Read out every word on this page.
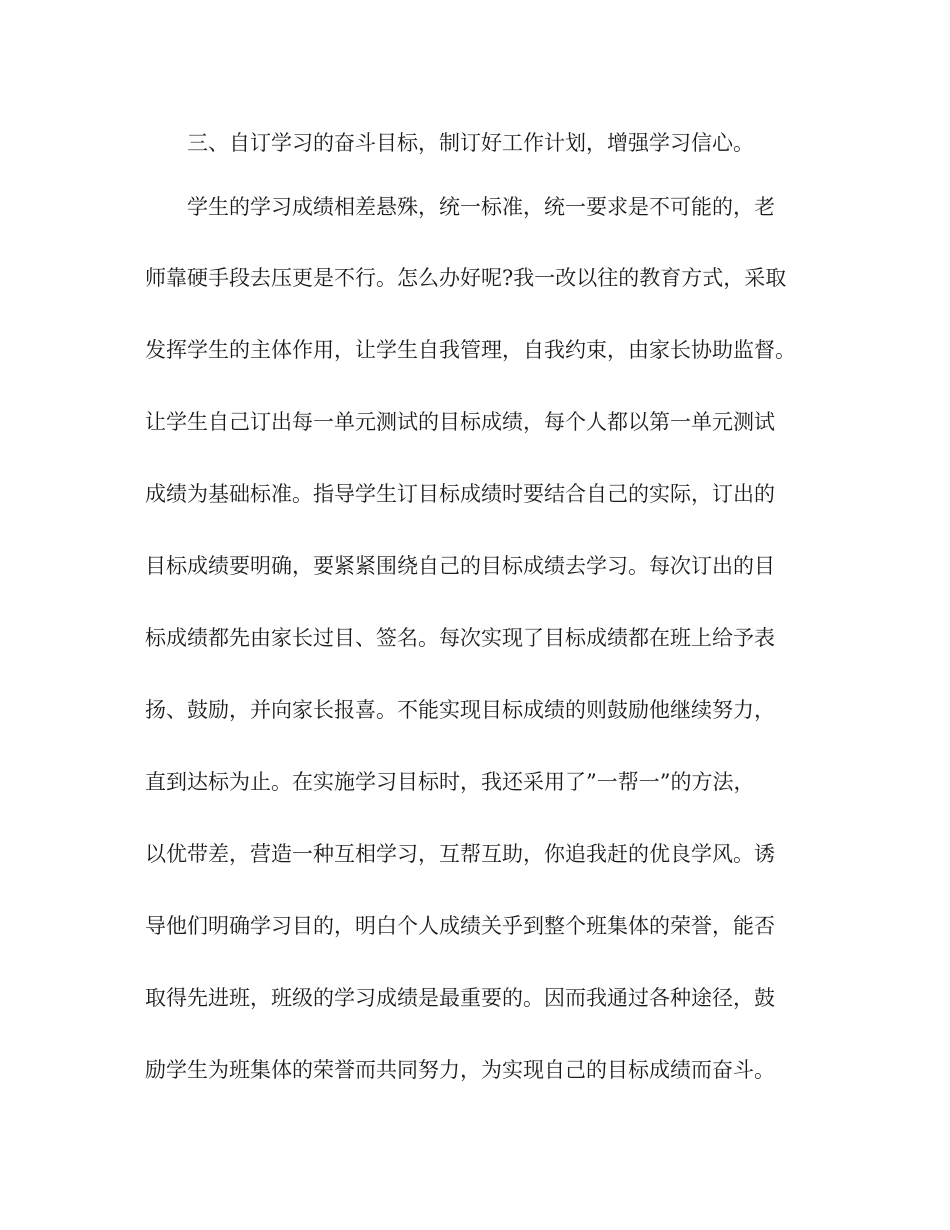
三、自订学习的奋斗目标，制订好工作计划，增强学习信心。
学生的学习成绩相差悬殊，统一标准，统一要求是不可能的，老
师靠硬手段去压更是不行。怎么办好呢?我一改以往的教育方式，采取
发挥学生的主体作用，让学生自我管理，自我约束，由家长协助监督。
让学生自己订出每一单元测试的目标成绩，每个人都以第一单元测试
成绩为基础标准。指导学生订目标成绩时要结合自己的实际，订出的
目标成绩要明确，要紧紧围绕自己的目标成绩去学习。每次订出的目
标成绩都先由家长过目、签名。每次实现了目标成绩都在班上给予表
扬、鼓励，并向家长报喜。不能实现目标成绩的则鼓励他继续努力，
直到达标为止。在实施学习目标时，我还采用了”一帮一”的方法，
以优带差，营造一种互相学习，互帮互助，你追我赶的优良学风。诱
导他们明确学习目的，明白个人成绩关乎到整个班集体的荣誉，能否
取得先进班，班级的学习成绩是最重要的。因而我通过各种途径，鼓
励学生为班集体的荣誉而共同努力，为实现自己的目标成绩而奋斗。
